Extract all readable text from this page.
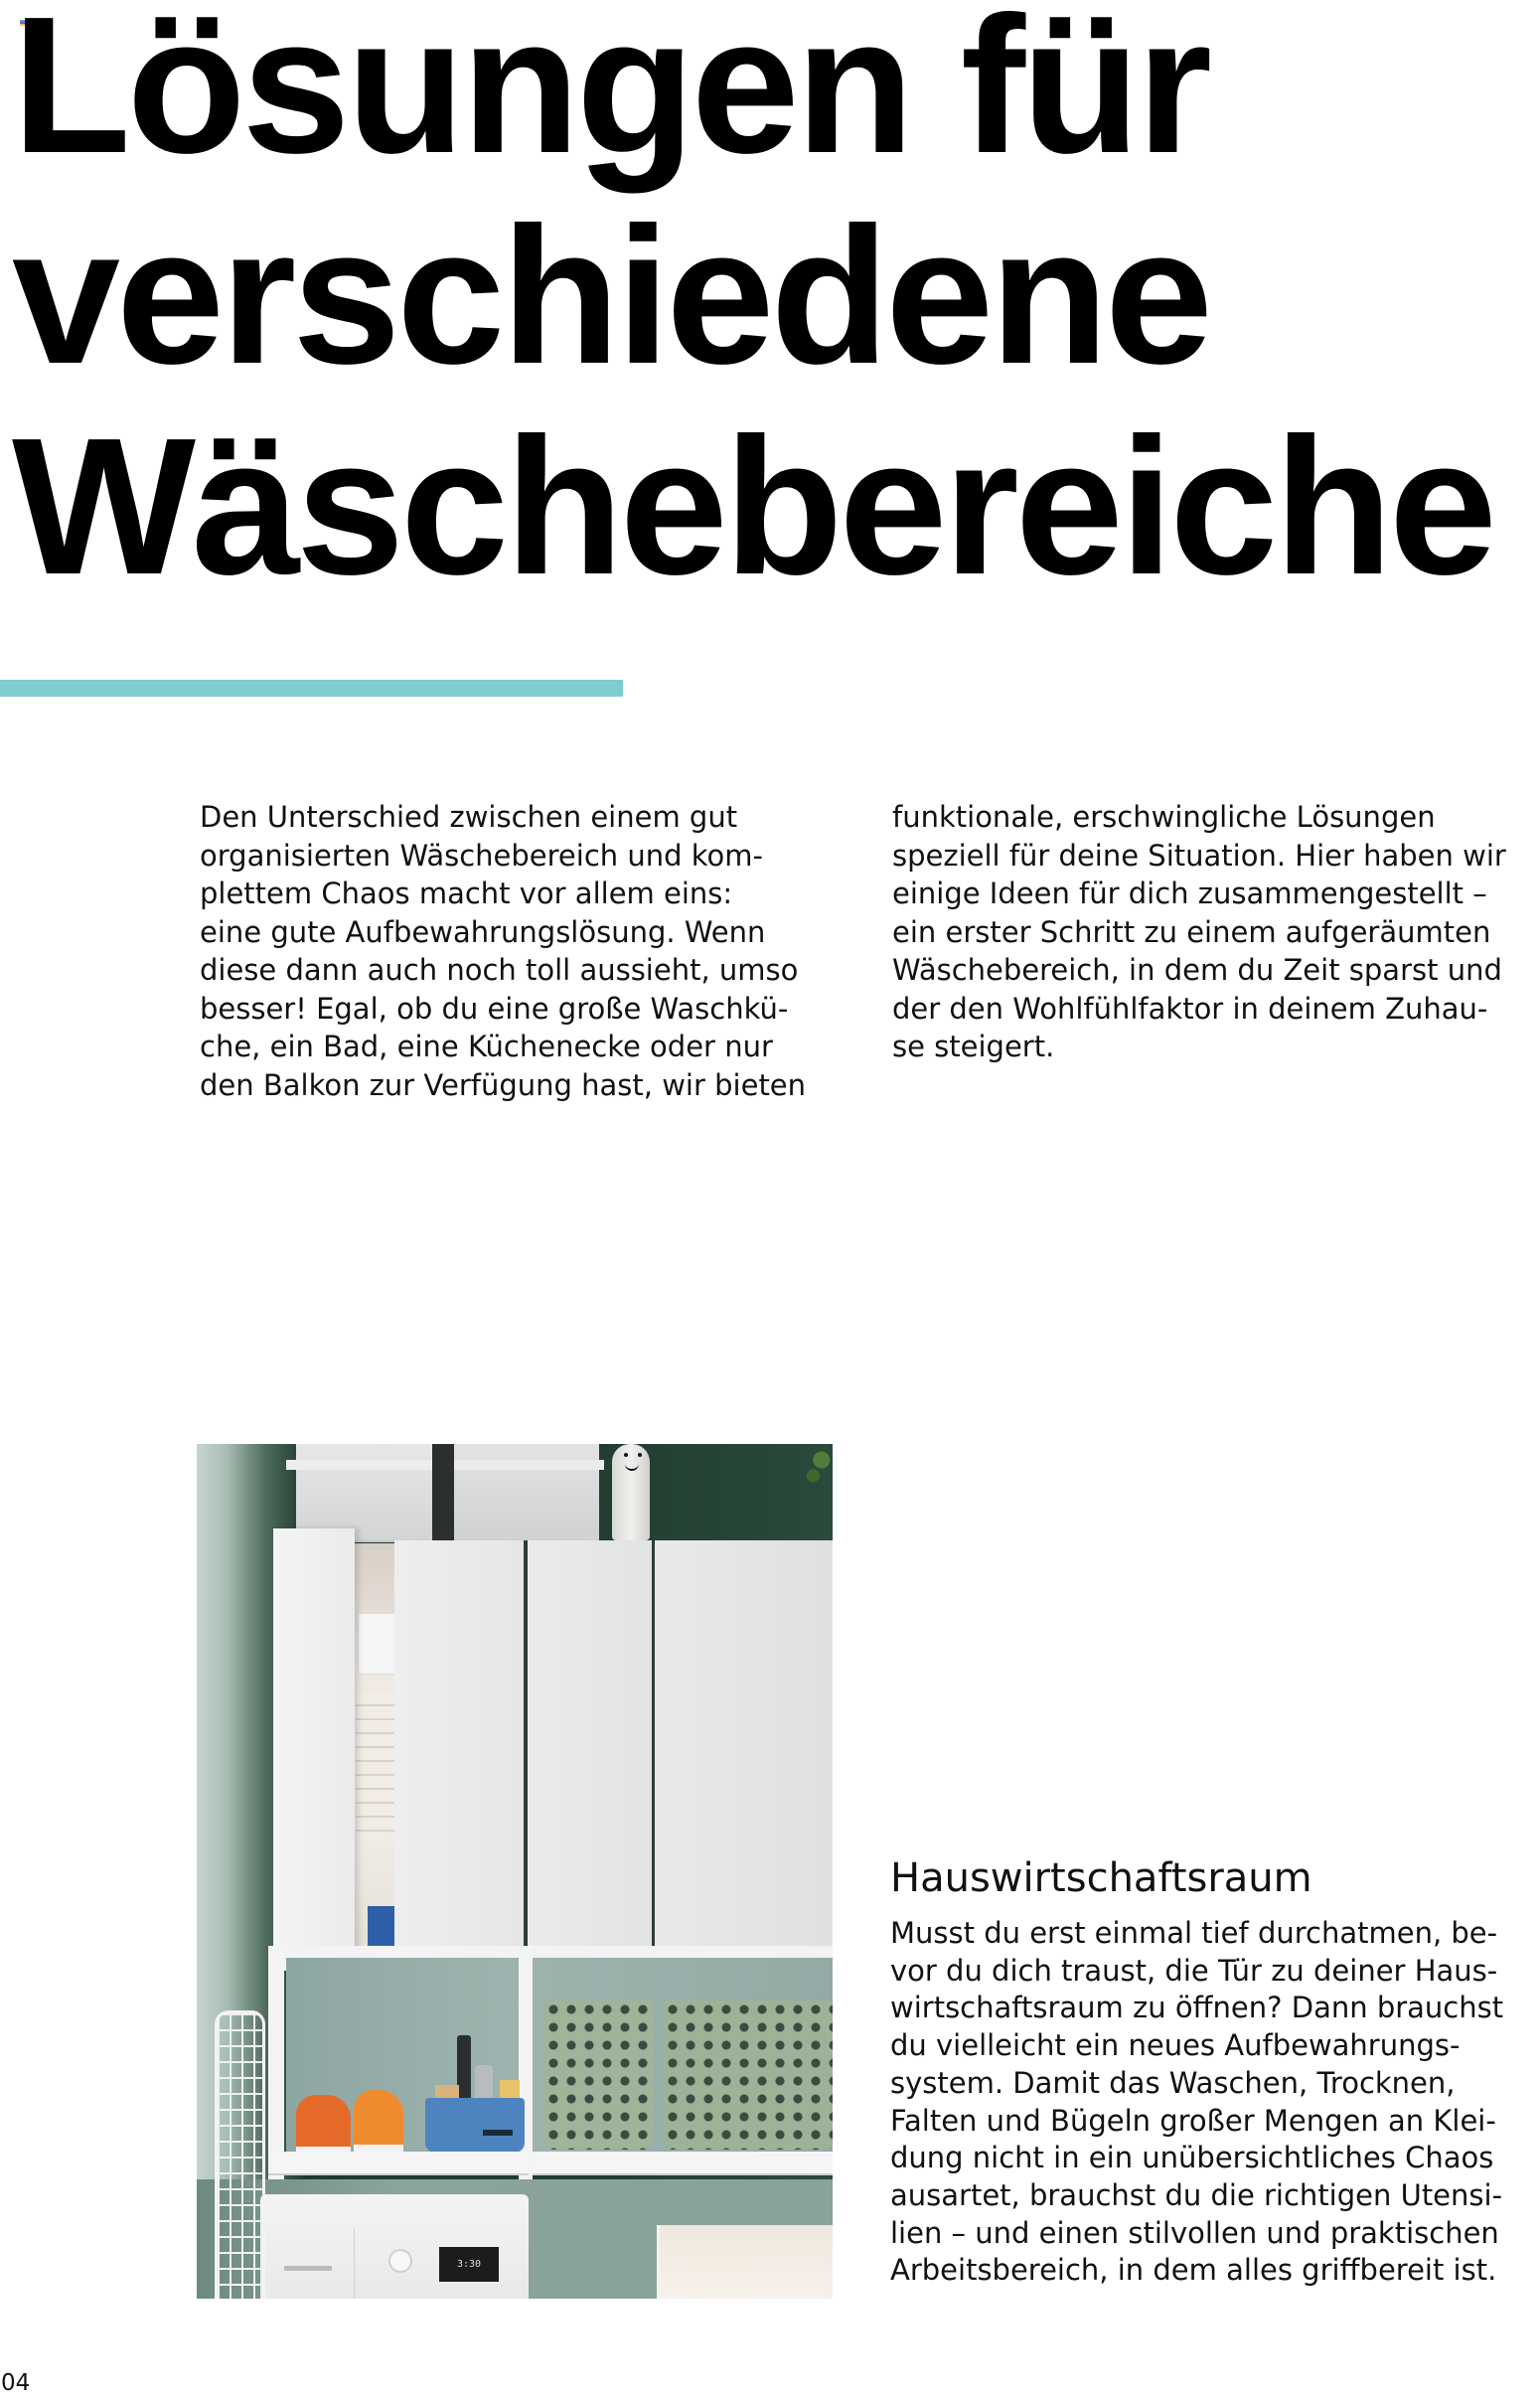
Lösungen für
verschiedene
Wäschebereiche

Den Unterschied zwischen einem gut
organisierten Wäschebereich und kom-
plettem Chaos macht vor allem eins:
eine gute Aufbewahrungslösung. Wenn
diese dann auch noch toll aussieht, umso
besser! Egal, ob du eine große Waschkü-
che, ein Bad, eine Küchenecke oder nur
den Balkon zur Verfügung hast, wir bieten

funktionale, erschwingliche Lösungen
speziell für deine Situation. Hier haben wir
einige Ideen für dich zusammengestellt –
ein erster Schritt zu einem aufgeräumten
Wäschebereich, in dem du Zeit sparst und
der den Wohlfühlfaktor in deinem Zuhau-
se steigert.

3:30
Hauswirtschaftsraum

Musst du erst einmal tief durchatmen, be-
vor du dich traust, die Tür zu deiner Haus-
wirtschaftsraum zu öffnen? Dann brauchst
du vielleicht ein neues Aufbewahrungs-
system. Damit das Waschen, Trocknen,
Falten und Bügeln großer Mengen an Klei-
dung nicht in ein unübersichtliches Chaos
ausartet, brauchst du die richtigen Utensi-
lien – und einen stilvollen und praktischen
Arbeitsbereich, in dem alles griffbereit ist.

04
